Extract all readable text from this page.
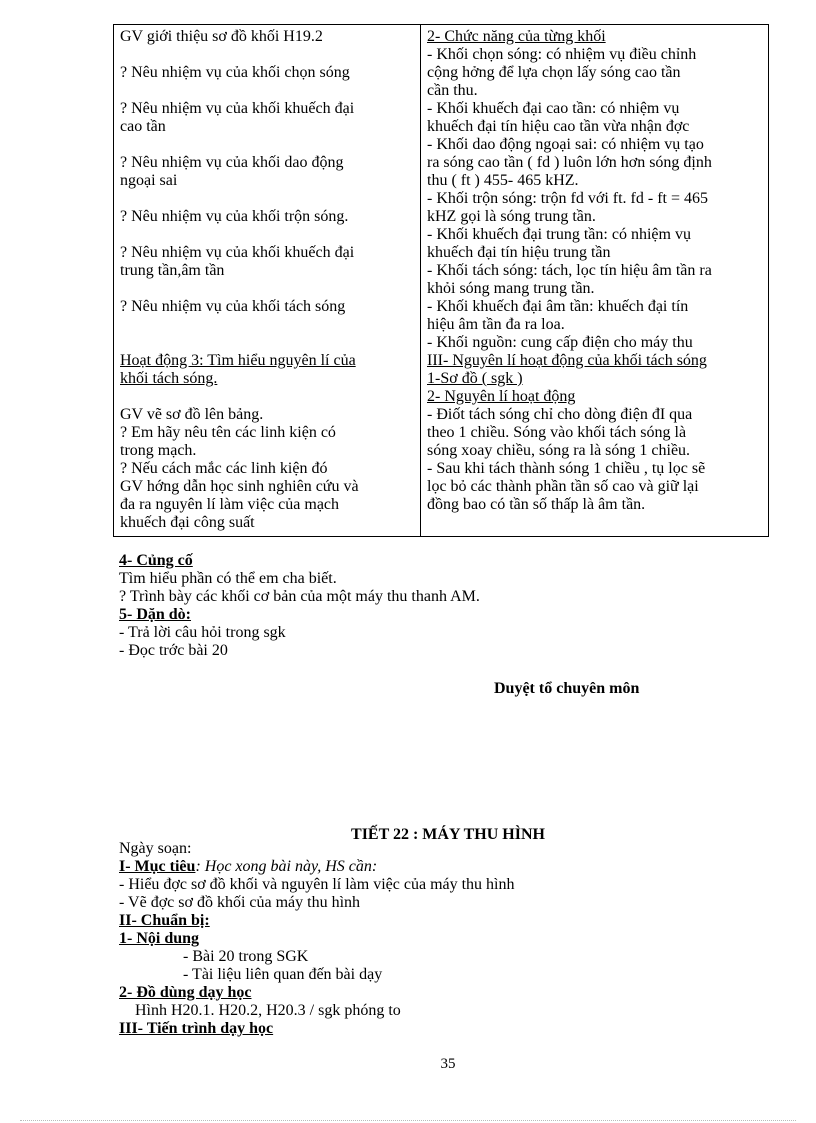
GV giới thiệu sơ đồ khối H19.2
? Nêu nhiệm vụ của khối chọn sóng
? Nêu nhiệm vụ của khối khuếch đại
cao tần
? Nêu nhiệm vụ của khối dao động
ngoại sai
? Nêu nhiệm vụ của khối trộn sóng.
? Nêu nhiệm vụ của khối khuếch đại
trung tần,âm tần
? Nêu nhiệm vụ của khối tách sóng
Hoạt động 3: Tìm hiểu nguyên lí của
khối tách sóng.
GV vẽ sơ đồ lên bảng.
? Em hãy nêu tên các linh kiện có
trong mạch.
? Nếu cách mắc các linh kiện đó
GV hớng dẫn học sinh nghiên cứu và
đa ra nguyên lí làm việc của mạch
khuếch đại công suất

2- Chức năng của từng khối
- Khối chọn sóng: có nhiệm vụ điều chỉnh
cộng hởng để lựa chọn lấy sóng cao tần
cần thu.
- Khối khuếch đại cao tần: có nhiệm vụ
khuếch đại tín hiệu cao tần vừa nhận đợc
- Khối dao động ngoại sai: có nhiệm vụ tạo
ra sóng cao tần ( fd ) luôn lớn hơn sóng định
thu ( ft ) 455- 465 kHZ.
- Khối trộn sóng: trộn fd với ft. fd - ft = 465
kHZ gọi là sóng trung tần.
- Khối khuếch đại trung tần: có nhiệm vụ
khuếch đại tín hiệu trung tần
- Khối tách sóng: tách, lọc tín hiệu âm tần ra
khỏi sóng mang trung tần.
- Khối khuếch đại âm tần: khuếch đại tín
hiệu âm tần đa ra loa.
- Khối nguồn: cung cấp điện cho máy thu
III- Nguyên lí hoạt động của khối tách sóng
1-Sơ đồ ( sgk )
2- Nguyên lí hoạt động
- Điốt tách sóng chỉ cho dòng điện đI qua
theo 1 chiều. Sóng vào khối tách sóng là
sóng xoay chiều, sóng ra là sóng 1 chiều.
- Sau khi tách thành sóng 1 chiều , tụ lọc sẽ
lọc bỏ các thành phần tần số cao và giữ lại
đồng bao có tần số thấp là âm tần.
4- Củng cố
Tìm hiểu phần có thể em cha biết.
? Trình bày các khối cơ bản của một máy thu thanh AM.
5- Dặn dò:
- Trả lời câu hỏi trong sgk
- Đọc trớc bài 20
Duyệt tổ chuyên môn
TIẾT 22 : MÁY THU HÌNH
Ngày soạn:
I- Mục tiêu: Học xong bài này, HS cần:
- Hiểu đợc sơ đồ khối và nguyên lí làm việc của máy thu hình
- Vẽ đợc sơ đồ khối của máy thu hình
II- Chuẩn bị:
1- Nội dung
- Bài 20 trong SGK
- Tài liệu liên quan đến bài dạy
2- Đồ dùng dạy học
Hình H20.1. H20.2, H20.3 / sgk phóng to
III- Tiến trình dạy học
35
